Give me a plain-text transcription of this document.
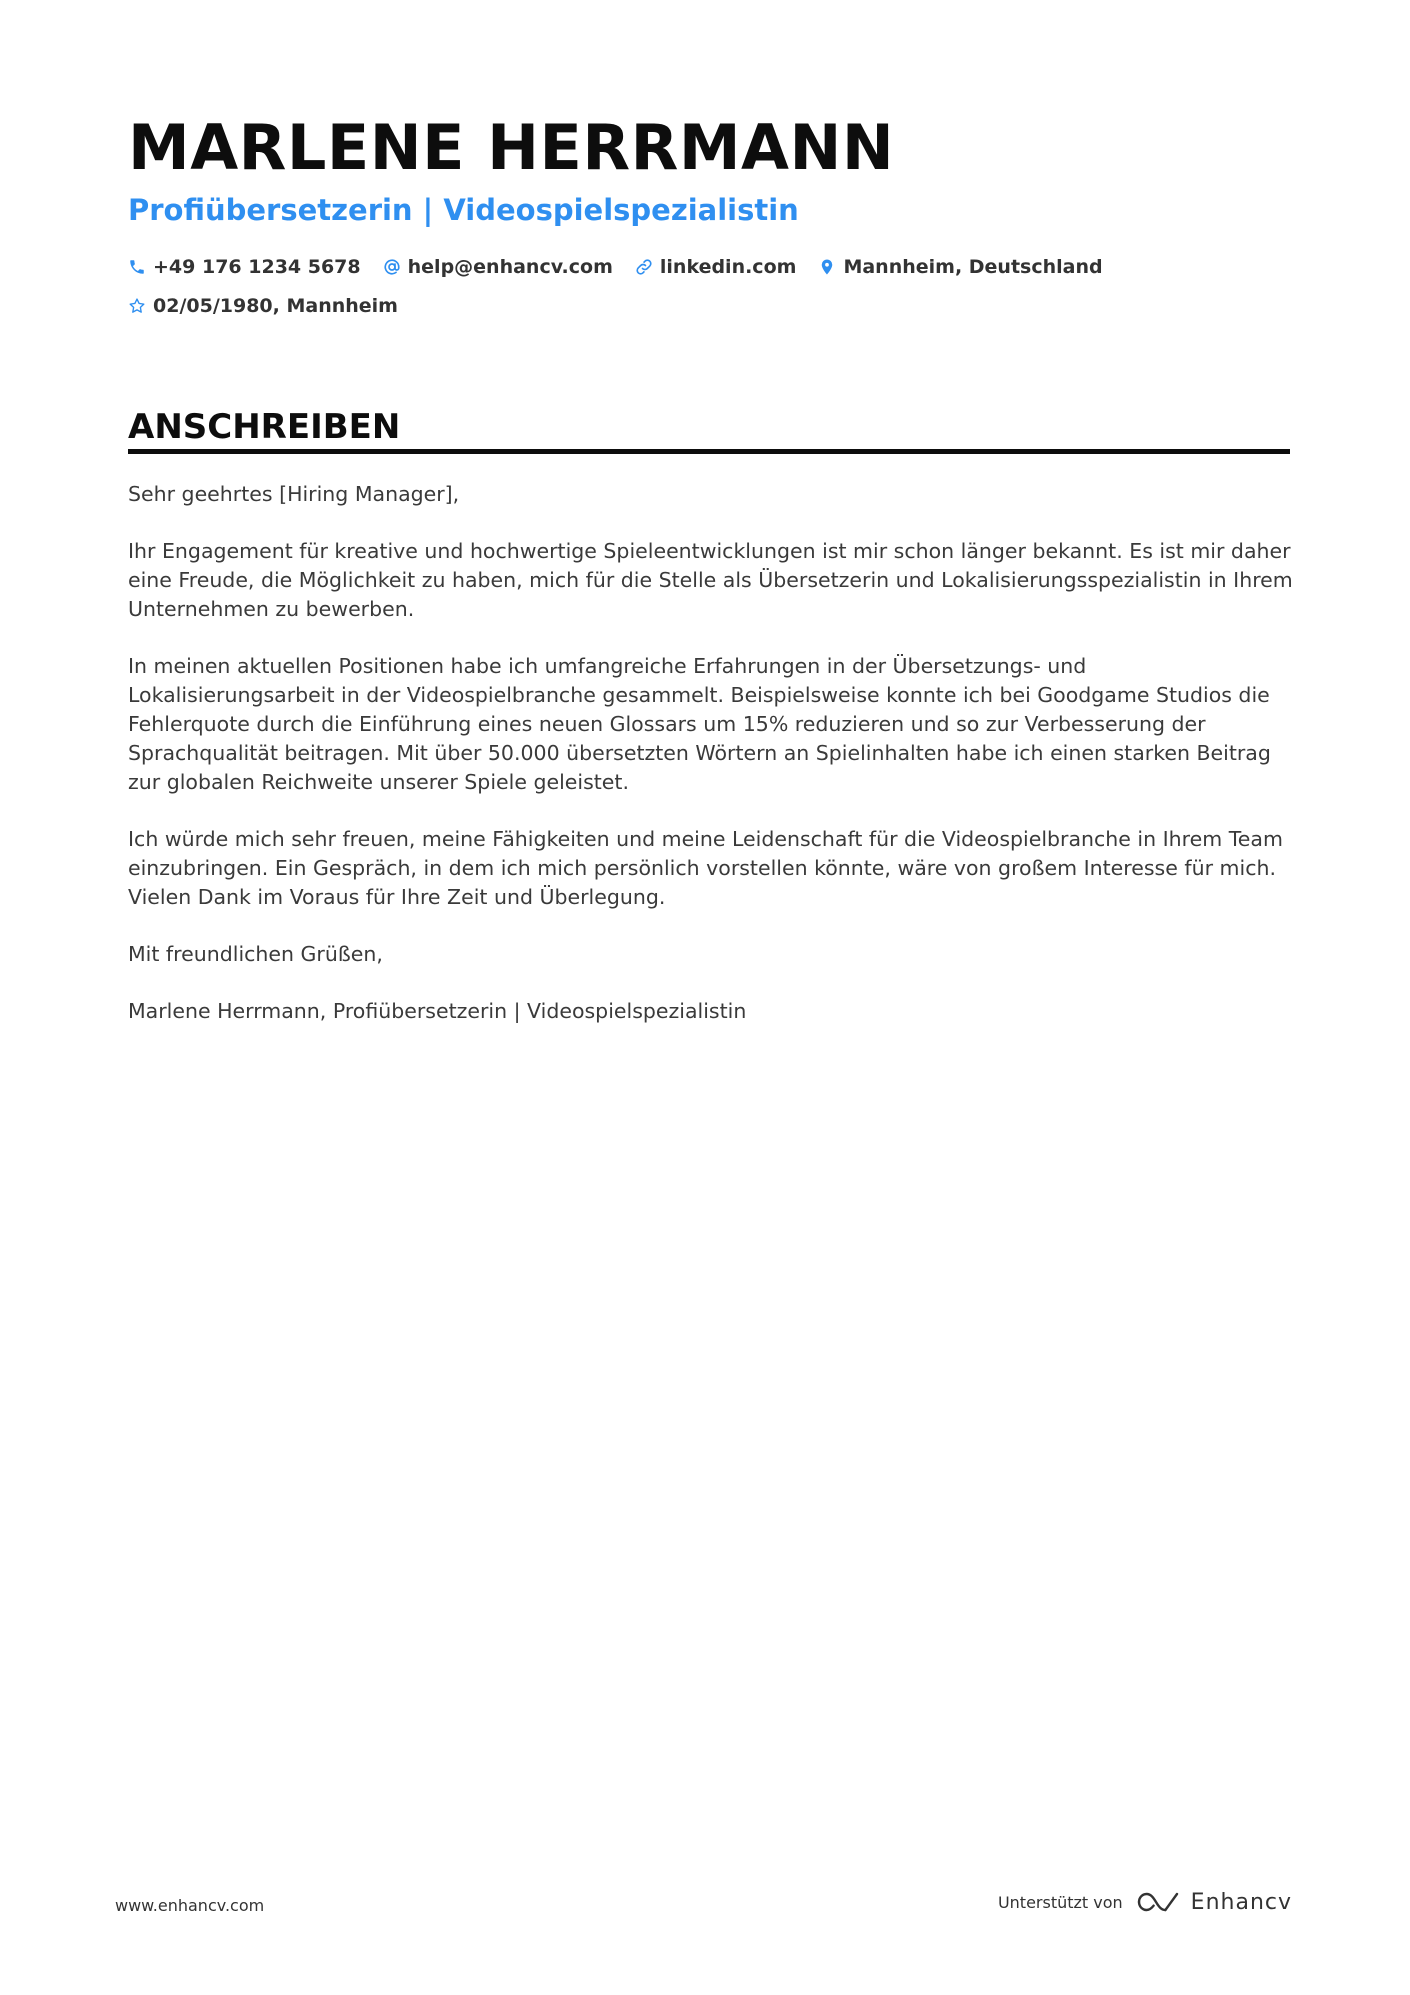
MARLENE HERRMANN
Profiübersetzerin | Videospielspezialistin
+49 176 1234 5678 help@enhancv.com linkedin.com Mannheim, Deutschland
02/05/1980, Mannheim
ANSCHREIBEN

Sehr geehrtes [Hiring Manager],

Ihr Engagement für kreative und hochwertige Spieleentwicklungen ist mir schon länger bekannt. Es ist mir daher eine Freude, die Möglichkeit zu haben, mich für die Stelle als Übersetzerin und Lokalisierungsspezialistin in Ihrem Unternehmen zu bewerben.

In meinen aktuellen Positionen habe ich umfangreiche Erfahrungen in der Übersetzungs- und Lokalisierungsarbeit in der Videospielbranche gesammelt. Beispielsweise konnte ich bei Goodgame Studios die Fehlerquote durch die Einführung eines neuen Glossars um 15% reduzieren und so zur Verbesserung der Sprachqualität beitragen. Mit über 50.000 übersetzten Wörtern an Spielinhalten habe ich einen starken Beitrag zur globalen Reichweite unserer Spiele geleistet.

Ich würde mich sehr freuen, meine Fähigkeiten und meine Leidenschaft für die Videospielbranche in Ihrem Team einzubringen. Ein Gespräch, in dem ich mich persönlich vorstellen könnte, wäre von großem Interesse für mich. Vielen Dank im Voraus für Ihre Zeit und Überlegung.

Mit freundlichen Grüßen,

Marlene Herrmann, Profiübersetzerin | Videospielspezialistin

www.enhancv.com	Unterstützt von	Enhancv
